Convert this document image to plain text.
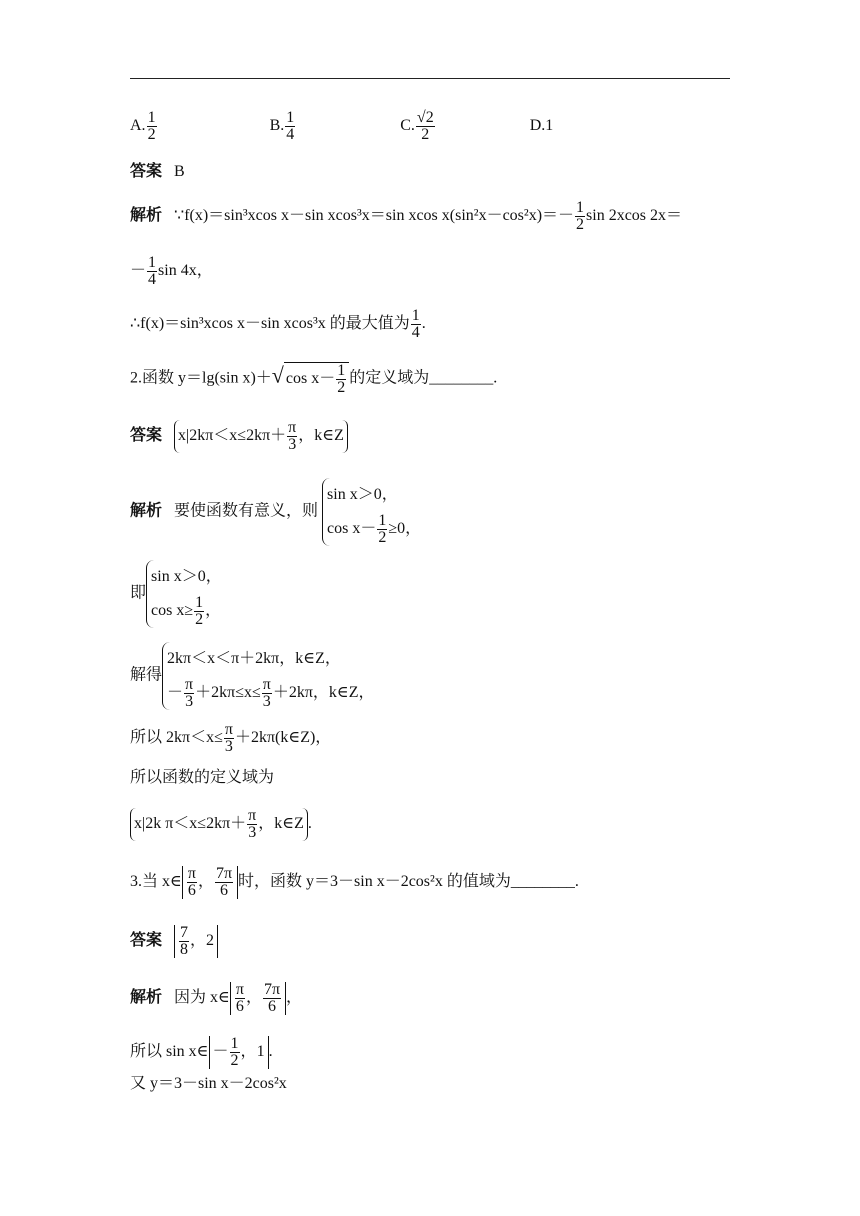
A. $\frac{1}{2}$	B. $\frac{1}{4}$	C. $\frac{√2}{2}$	D.1
答案 B
解析 ∵f(x)＝sin³xcos x－sin xcos³x＝sin xcos $x(\sin^2x-\cos^2x)=- \frac{1}{2}$ sin 2xcos 2x＝
－ $\frac{1}{4}$ sin 4x，
∴f(x)＝sin³xcos x－sin xcos³x 的最大值为 $\frac{1}{4}$ .
2.函数 y＝lg(sin x)＋√ $\cos x- \frac{1}{2}$ 的定义域为________.
答案 $x|2k\pi<x\le 2k\pi+ \frac{\pi}{3}$ ，k∈Z
解析 要使函数有意义，则
sin x＞0，
$\cos x- \frac{1}{2} \ge 0$，
即
sin x＞0，
$\cos x\ge \frac{1}{2}$ ，
解得
2kπ＜x＜π＋2kπ，k∈Z，
－ $\frac{\pi}{3} +2k\pi\le x\le \frac{\pi}{3} +2k\pi$，k∈Z，
所以 $2k\pi<x\le \frac{\pi}{3}$ ＋2kπ(k∈Z)，
所以函数的定义域为
x|2k $\pi<x\le 2k\pi+ \frac{\pi}{3}$ ，k∈Z .
3.当 x∈ $\frac{\pi}{6}$ ， $\frac{7\pi}{6}$ 时，函数 y＝3－sin x－2cos²x 的值域为________.
答案 $\frac{7}{8}$ ，2
解析 因为 x∈ $\frac{\pi}{6}$ ， $\frac{7\pi}{6}$ ，
所以 sin x∈ － $\frac{1}{2}$ ，1 .
又 y＝3－sin x－2cos²x
